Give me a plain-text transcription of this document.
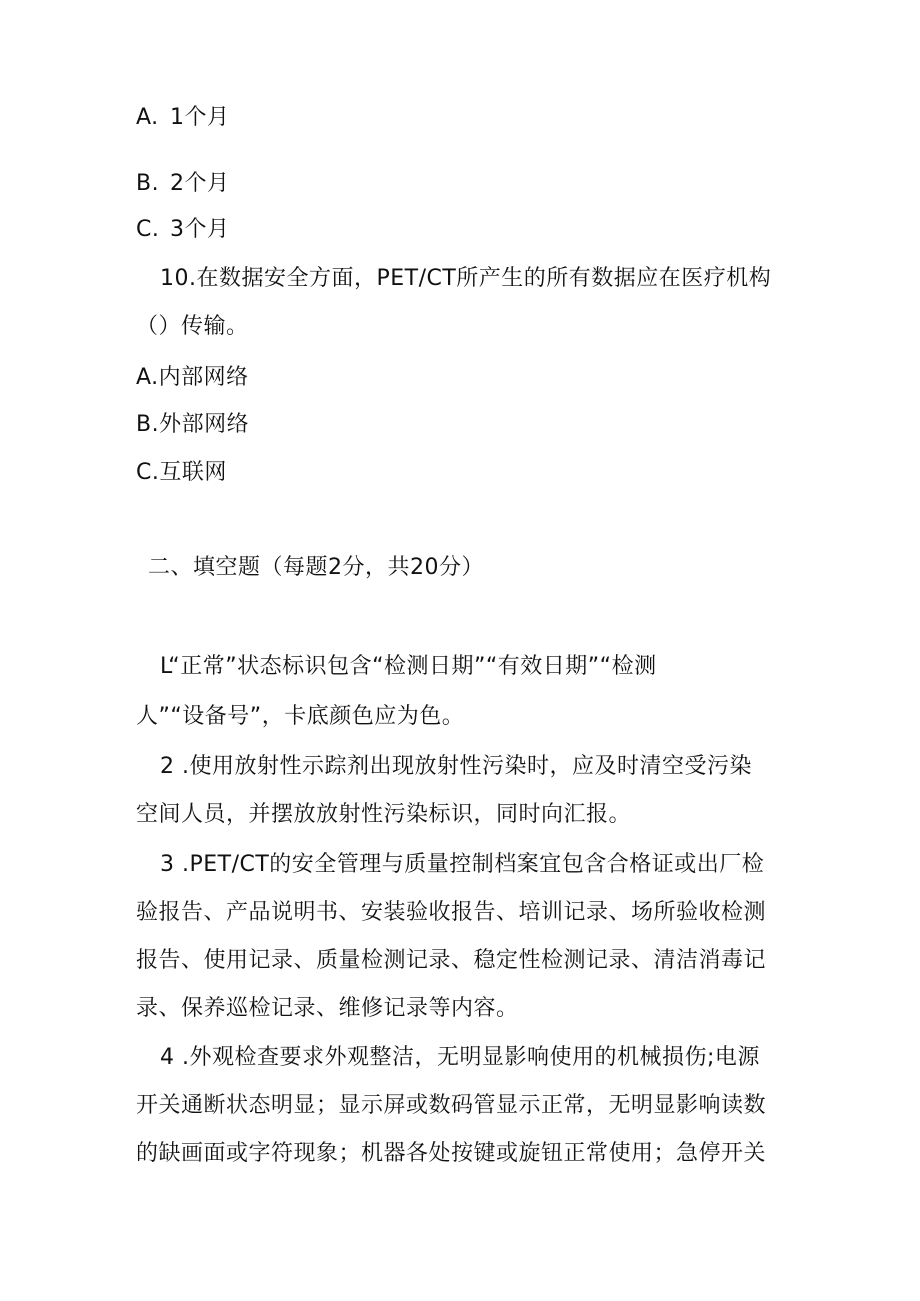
A. 1个月
B. 2个月
C. 3个月
10.在数据安全方面，PET/CT所产生的所有数据应在医疗机构
（）传输。
A.内部网络
B.外部网络
C.互联网
二、填空题（每题2分，共20分）
L“正常”状态标识包含“检测日期”“有效日期”“检测
人”“设备号”，卡底颜色应为色。
2 .使用放射性示踪剂出现放射性污染时，应及时清空受污染
空间人员，并摆放放射性污染标识，同时向汇报。
3 .PET/CT的安全管理与质量控制档案宜包含合格证或出厂检
验报告、产品说明书、安装验收报告、培训记录、场所验收检测
报告、使用记录、质量检测记录、稳定性检测记录、清洁消毒记
录、保养巡检记录、维修记录等内容。
4 .外观检查要求外观整洁，无明显影响使用的机械损伤;电源
开关通断状态明显；显示屏或数码管显示正常，无明显影响读数
的缺画面或字符现象；机器各处按键或旋钮正常使用；急停开关
